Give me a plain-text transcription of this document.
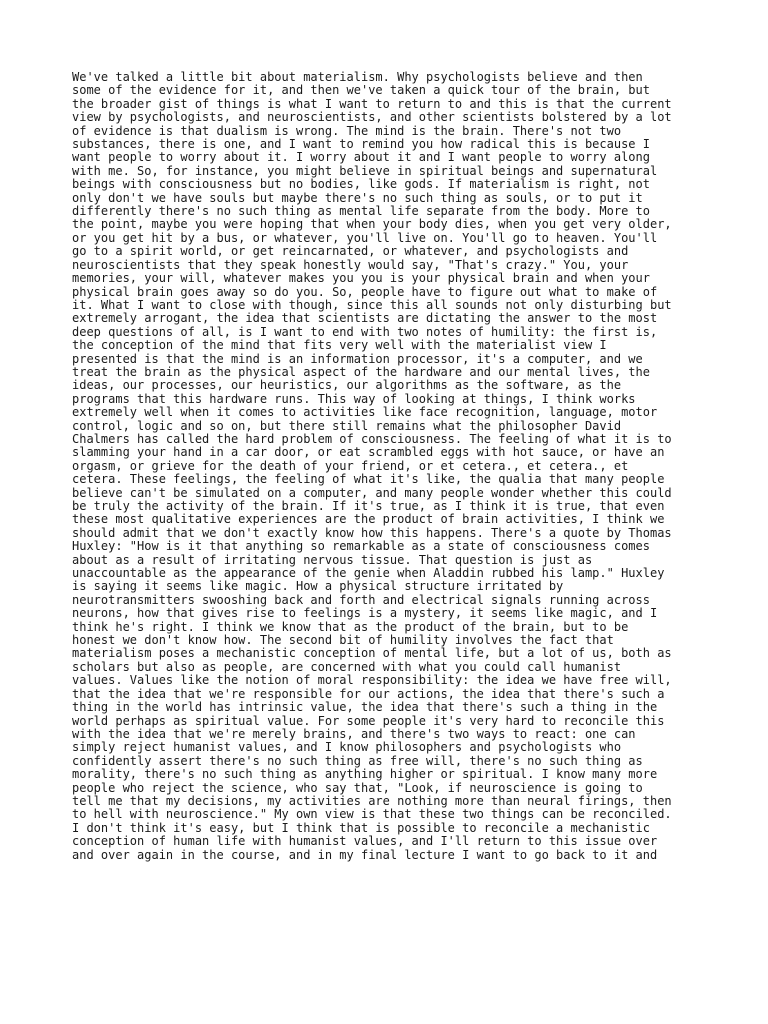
We've talked a little bit about materialism. Why psychologists believe and then
some of the evidence for it, and then we've taken a quick tour of the brain, but
the broader gist of things is what I want to return to and this is that the current
view by psychologists, and neuroscientists, and other scientists bolstered by a lot
of evidence is that dualism is wrong. The mind is the brain. There's not two
substances, there is one, and I want to remind you how radical this is because I
want people to worry about it. I worry about it and I want people to worry along
with me. So, for instance, you might believe in spiritual beings and supernatural
beings with consciousness but no bodies, like gods. If materialism is right, not
only don't we have souls but maybe there's no such thing as souls, or to put it
differently there's no such thing as mental life separate from the body. More to
the point, maybe you were hoping that when your body dies, when you get very older,
or you get hit by a bus, or whatever, you'll live on. You'll go to heaven. You'll
go to a spirit world, or get reincarnated, or whatever, and psychologists and
neuroscientists that they speak honestly would say, "That's crazy." You, your
memories, your will, whatever makes you you is your physical brain and when your
physical brain goes away so do you. So, people have to figure out what to make of
it. What I want to close with though, since this all sounds not only disturbing but
extremely arrogant, the idea that scientists are dictating the answer to the most
deep questions of all, is I want to end with two notes of humility: the first is,
the conception of the mind that fits very well with the materialist view I
presented is that the mind is an information processor, it's a computer, and we
treat the brain as the physical aspect of the hardware and our mental lives, the
ideas, our processes, our heuristics, our algorithms as the software, as the
programs that this hardware runs. This way of looking at things, I think works
extremely well when it comes to activities like face recognition, language, motor
control, logic and so on, but there still remains what the philosopher David
Chalmers has called the hard problem of consciousness. The feeling of what it is to
slamming your hand in a car door, or eat scrambled eggs with hot sauce, or have an
orgasm, or grieve for the death of your friend, or et cetera., et cetera., et
cetera. These feelings, the feeling of what it's like, the qualia that many people
believe can't be simulated on a computer, and many people wonder whether this could
be truly the activity of the brain. If it's true, as I think it is true, that even
these most qualitative experiences are the product of brain activities, I think we
should admit that we don't exactly know how this happens. There's a quote by Thomas
Huxley: "How is it that anything so remarkable as a state of consciousness comes
about as a result of irritating nervous tissue. That question is just as
unaccountable as the appearance of the genie when Aladdin rubbed his lamp." Huxley
is saying it seems like magic. How a physical structure irritated by
neurotransmitters swooshing back and forth and electrical signals running across
neurons, how that gives rise to feelings is a mystery, it seems like magic, and I
think he's right. I think we know that as the product of the brain, but to be
honest we don't know how. The second bit of humility involves the fact that
materialism poses a mechanistic conception of mental life, but a lot of us, both as
scholars but also as people, are concerned with what you could call humanist
values. Values like the notion of moral responsibility: the idea we have free will,
that the idea that we're responsible for our actions, the idea that there's such a
thing in the world has intrinsic value, the idea that there's such a thing in the
world perhaps as spiritual value. For some people it's very hard to reconcile this
with the idea that we're merely brains, and there's two ways to react: one can
simply reject humanist values, and I know philosophers and psychologists who
confidently assert there's no such thing as free will, there's no such thing as
morality, there's no such thing as anything higher or spiritual. I know many more
people who reject the science, who say that, "Look, if neuroscience is going to
tell me that my decisions, my activities are nothing more than neural firings, then
to hell with neuroscience." My own view is that these two things can be reconciled.
I don't think it's easy, but I think that is possible to reconcile a mechanistic
conception of human life with humanist values, and I'll return to this issue over
and over again in the course, and in my final lecture I want to go back to it and
